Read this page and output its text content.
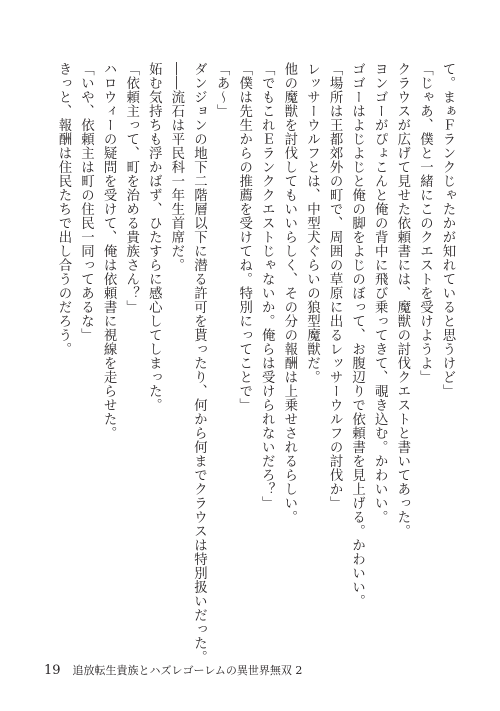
て。まぁＦランクじゃたかが知れていると思うけど」

「じゃあ、僕と一緒にこのクエストを受けようよ」

クラウスが広げて見せた依頼書には、魔獣の討伐クエストと書いてあった。

ヨンゴーがぴょこんと俺の背中に飛び乗ってきて、覗き込む。かわいい。

ゴゴーはよじよじと俺の脚をよじのぼって、お腹辺りで依頼書を見上げる。かわいい。

「場所は王都郊外の町で、周囲の草原に出るレッサーウルフの討伐か」

レッサーウルフとは、中型犬ぐらいの狼型魔獣だ。

他の魔獣を討伐してもいいらしく、その分の報酬は上乗せされるらしい。

「でもこれＥランククエストじゃないか。俺らは受けられないだろ？」

「僕は先生からの推薦を受けてね。特別にってことで」

「あ～」

ダンジョンの地下二階層以下に潜る許可を貰ったり、何から何までクラウスは特別扱いだった。

――流石は平民科一年生首席だ。

妬む気持ちも浮かばず、ひたすらに感心してしまった。

「依頼主って、町を治める貴族さん？」

ハロウィーの疑問を受けて、俺は依頼書に視線を走らせた。

「いや、依頼主は町の住民一同ってあるな」

きっと、報酬は住民たちで出し合うのだろう。

19 追放転生貴族とハズレゴーレムの異世界無双 2
